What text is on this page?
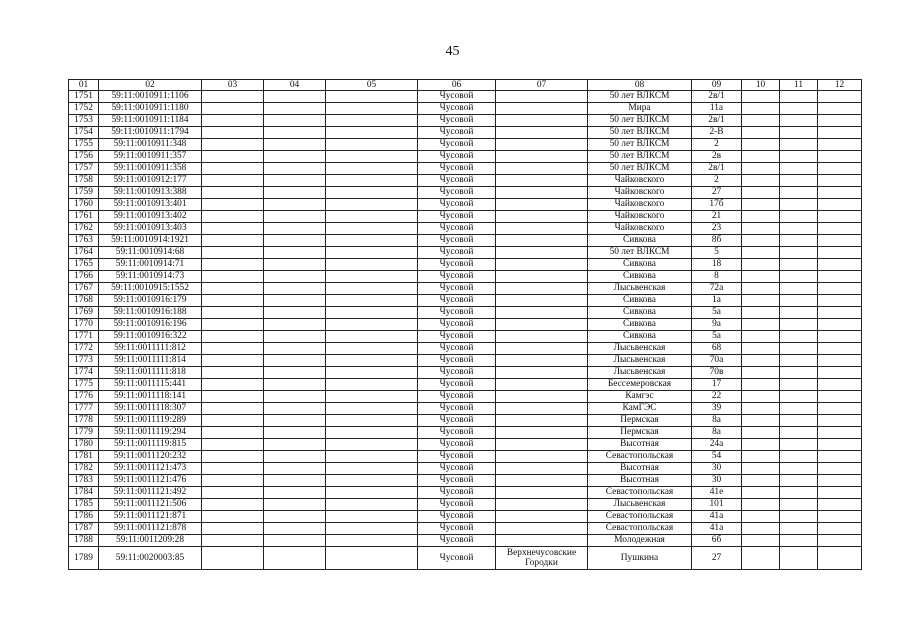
45
01	02	03	04	05	06	07	08	09	10	11	12
1751	59:11:0010911:1106				Чусовой		50 лет ВЛКСМ	2в/1			
1752	59:11:0010911:1180				Чусовой		Мира	11а			
1753	59:11:0010911:1184				Чусовой		50 лет ВЛКСМ	2в/1			
1754	59:11:0010911:1794				Чусовой		50 лет ВЛКСМ	2-В			
1755	59:11:0010911:348				Чусовой		50 лет ВЛКСМ	2			
1756	59:11:0010911:357				Чусовой		50 лет ВЛКСМ	2в			
1757	59:11:0010911:358				Чусовой		50 лет ВЛКСМ	2в/1			
1758	59:11:0010912:177				Чусовой		Чайковского	2			
1759	59:11:0010913:388				Чусовой		Чайковского	27			
1760	59:11:0010913:401				Чусовой		Чайковского	17б			
1761	59:11:0010913:402				Чусовой		Чайковского	21			
1762	59:11:0010913:403				Чусовой		Чайковского	23			
1763	59:11:0010914:1921				Чусовой		Сивкова	8б			
1764	59:11:0010914:68				Чусовой		50 лет ВЛКСМ	5			
1765	59:11:0010914:71				Чусовой		Сивкова	18			
1766	59:11:0010914:73				Чусовой		Сивкова	8			
1767	59:11:0010915:1552				Чусовой		Лысьвенская	72а			
1768	59:11:0010916:179				Чусовой		Сивкова	1а			
1769	59:11:0010916:188				Чусовой		Сивкова	5а			
1770	59:11:0010916:196				Чусовой		Сивкова	9а			
1771	59:11:0010916:322				Чусовой		Сивкова	5а			
1772	59:11:0011111:812				Чусовой		Лысьвенская	68			
1773	59:11:0011111:814				Чусовой		Лысьвенская	70а			
1774	59:11:0011111:818				Чусовой		Лысьвенская	70в			
1775	59:11:0011115:441				Чусовой		Бессемеровская	17			
1776	59:11:0011118:141				Чусовой		Камгэс	22			
1777	59:11:0011118:307				Чусовой		КамГЭС	39			
1778	59:11:0011119:289				Чусовой		Пермская	8а			
1779	59:11:0011119:294				Чусовой		Пермская	8а			
1780	59:11:0011119:815				Чусовой		Высотная	24а			
1781	59:11:0011120:232				Чусовой		Севастопольская	54			
1782	59:11:0011121:473				Чусовой		Высотная	30			
1783	59:11:0011121:476				Чусовой		Высотная	30			
1784	59:11:0011121:492				Чусовой		Севастопольская	41е			
1785	59:11:0011121:506				Чусовой		Лысьвенская	101			
1786	59:11:0011121:871				Чусовой		Севастопольская	41а			
1787	59:11:0011121:878				Чусовой		Севастопольская	41а			
1788	59:11:0011209:28				Чусовой		Молодежная	6б			
1789	59:11:0020003:85				Чусовой	Верхнечусовские Городки	Пушкина	27			
